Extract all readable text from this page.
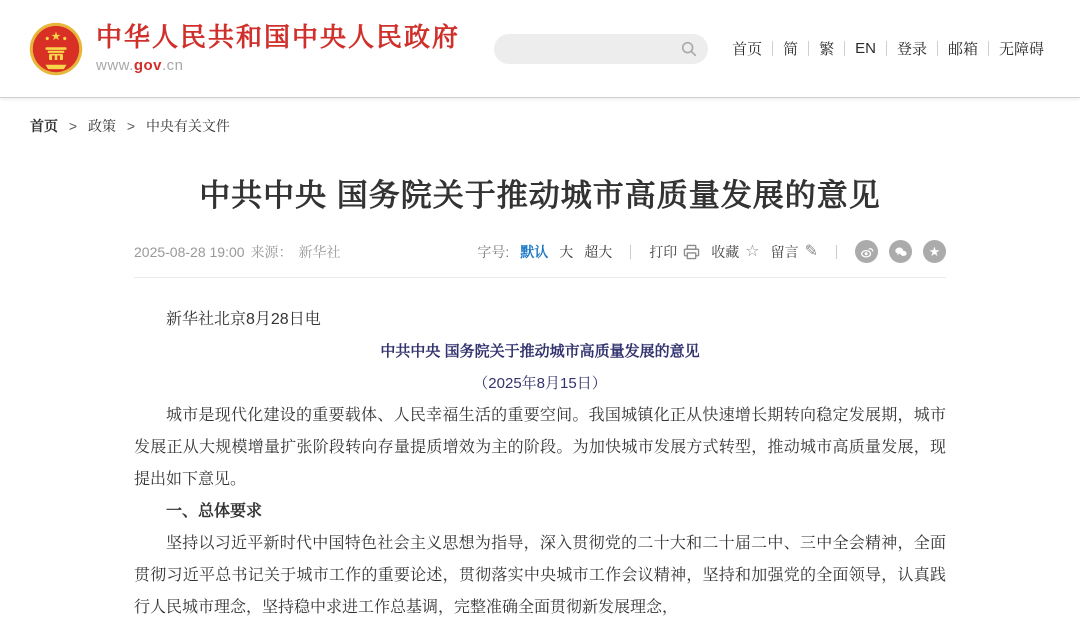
中华人民共和国中央人民政府
www.gov.cn
首页	简	繁	EN	登录	邮箱	无障碍
首页 > 政策 > 中央有关文件
中共中央 国务院关于推动城市高质量发展的意见
2025-08-28 19:00 来源： 新华社	字号: 默认 大 超大	打印 收藏 ☆ 留言 ✎	★

新华社北京8月28日电

中共中央 国务院关于推动城市高质量发展的意见

（2025年8月15日）

城市是现代化建设的重要载体、人民幸福生活的重要空间。我国城镇化正从快速增长期转向稳定发展期，城市发展正从大规模增量扩张阶段转向存量提质增效为主的阶段。为加快城市发展方式转型，推动城市高质量发展，现提出如下意见。

一、总体要求

坚持以习近平新时代中国特色社会主义思想为指导，深入贯彻党的二十大和二十届二中、三中全会精神，全面贯彻习近平总书记关于城市工作的重要论述，贯彻落实中央城市工作会议精神，坚持和加强党的全面领导，认真践行人民城市理念，坚持稳中求进工作总基调，完整准确全面贯彻新发展理念，
